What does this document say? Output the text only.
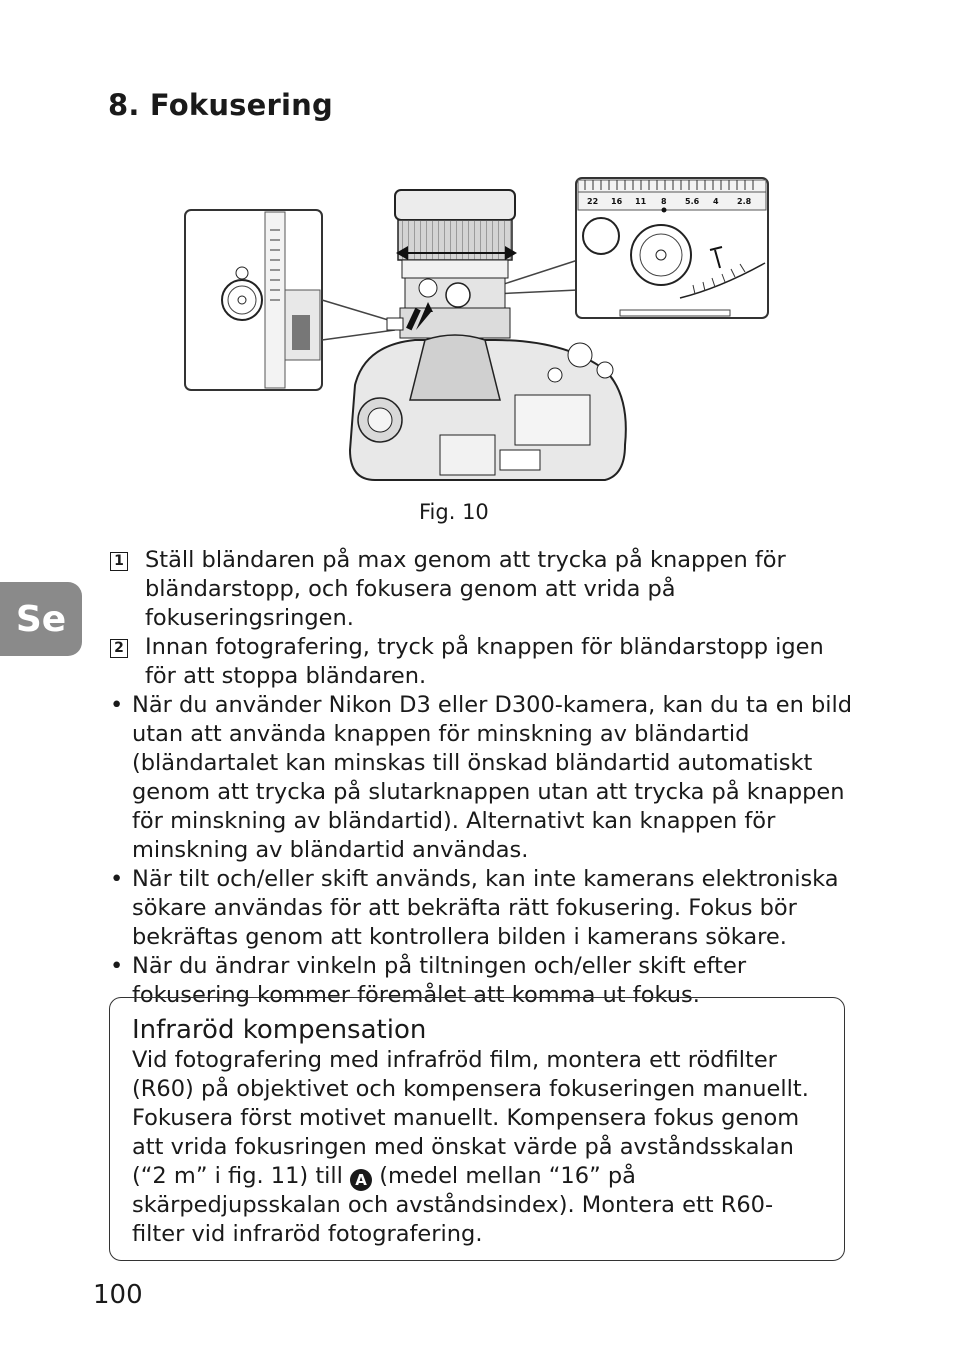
8. Fokusering
22 16 11 8 5.6 4 2.8
Fig. 10
Se
1 Ställ bländaren på max genom att trycka på knappen för bländarstopp, och fokusera genom att vrida på fokuseringsringen.
2 Innan fotografering, tryck på knappen för bländarstopp igen för att stoppa bländaren.
• När du använder Nikon D3 eller D300-kamera, kan du ta en bild utan att använda knappen för minskning av bländartid (bländartalet kan minskas till önskad bländartid automatiskt genom att trycka på slutarknappen utan att trycka på knappen för minskning av bländartid). Alternativt kan knappen för minskning av bländartid användas.
• När tilt och/eller skift används, kan inte kamerans elektroniska sökare användas för att bekräfta rätt fokusering. Fokus bör bekräftas genom att kontrollera bilden i kamerans sökare.
• När du ändrar vinkeln på tiltningen och/eller skift efter fokusering kommer föremålet att komma ut fokus.
Infraröd kompensation
Vid fotografering med infrafröd film, montera ett rödfilter (R60) på objektivet och kompensera fokuseringen manuellt. Fokusera först motivet manuellt. Kompensera fokus genom att vrida fokusringen med önskat värde på avståndsskalan (“2 m” i fig. 11) till A (medel mellan “16” på skärpedjupsskalan och avståndsindex). Montera ett R60-filter vid infraröd fotografering.
100
